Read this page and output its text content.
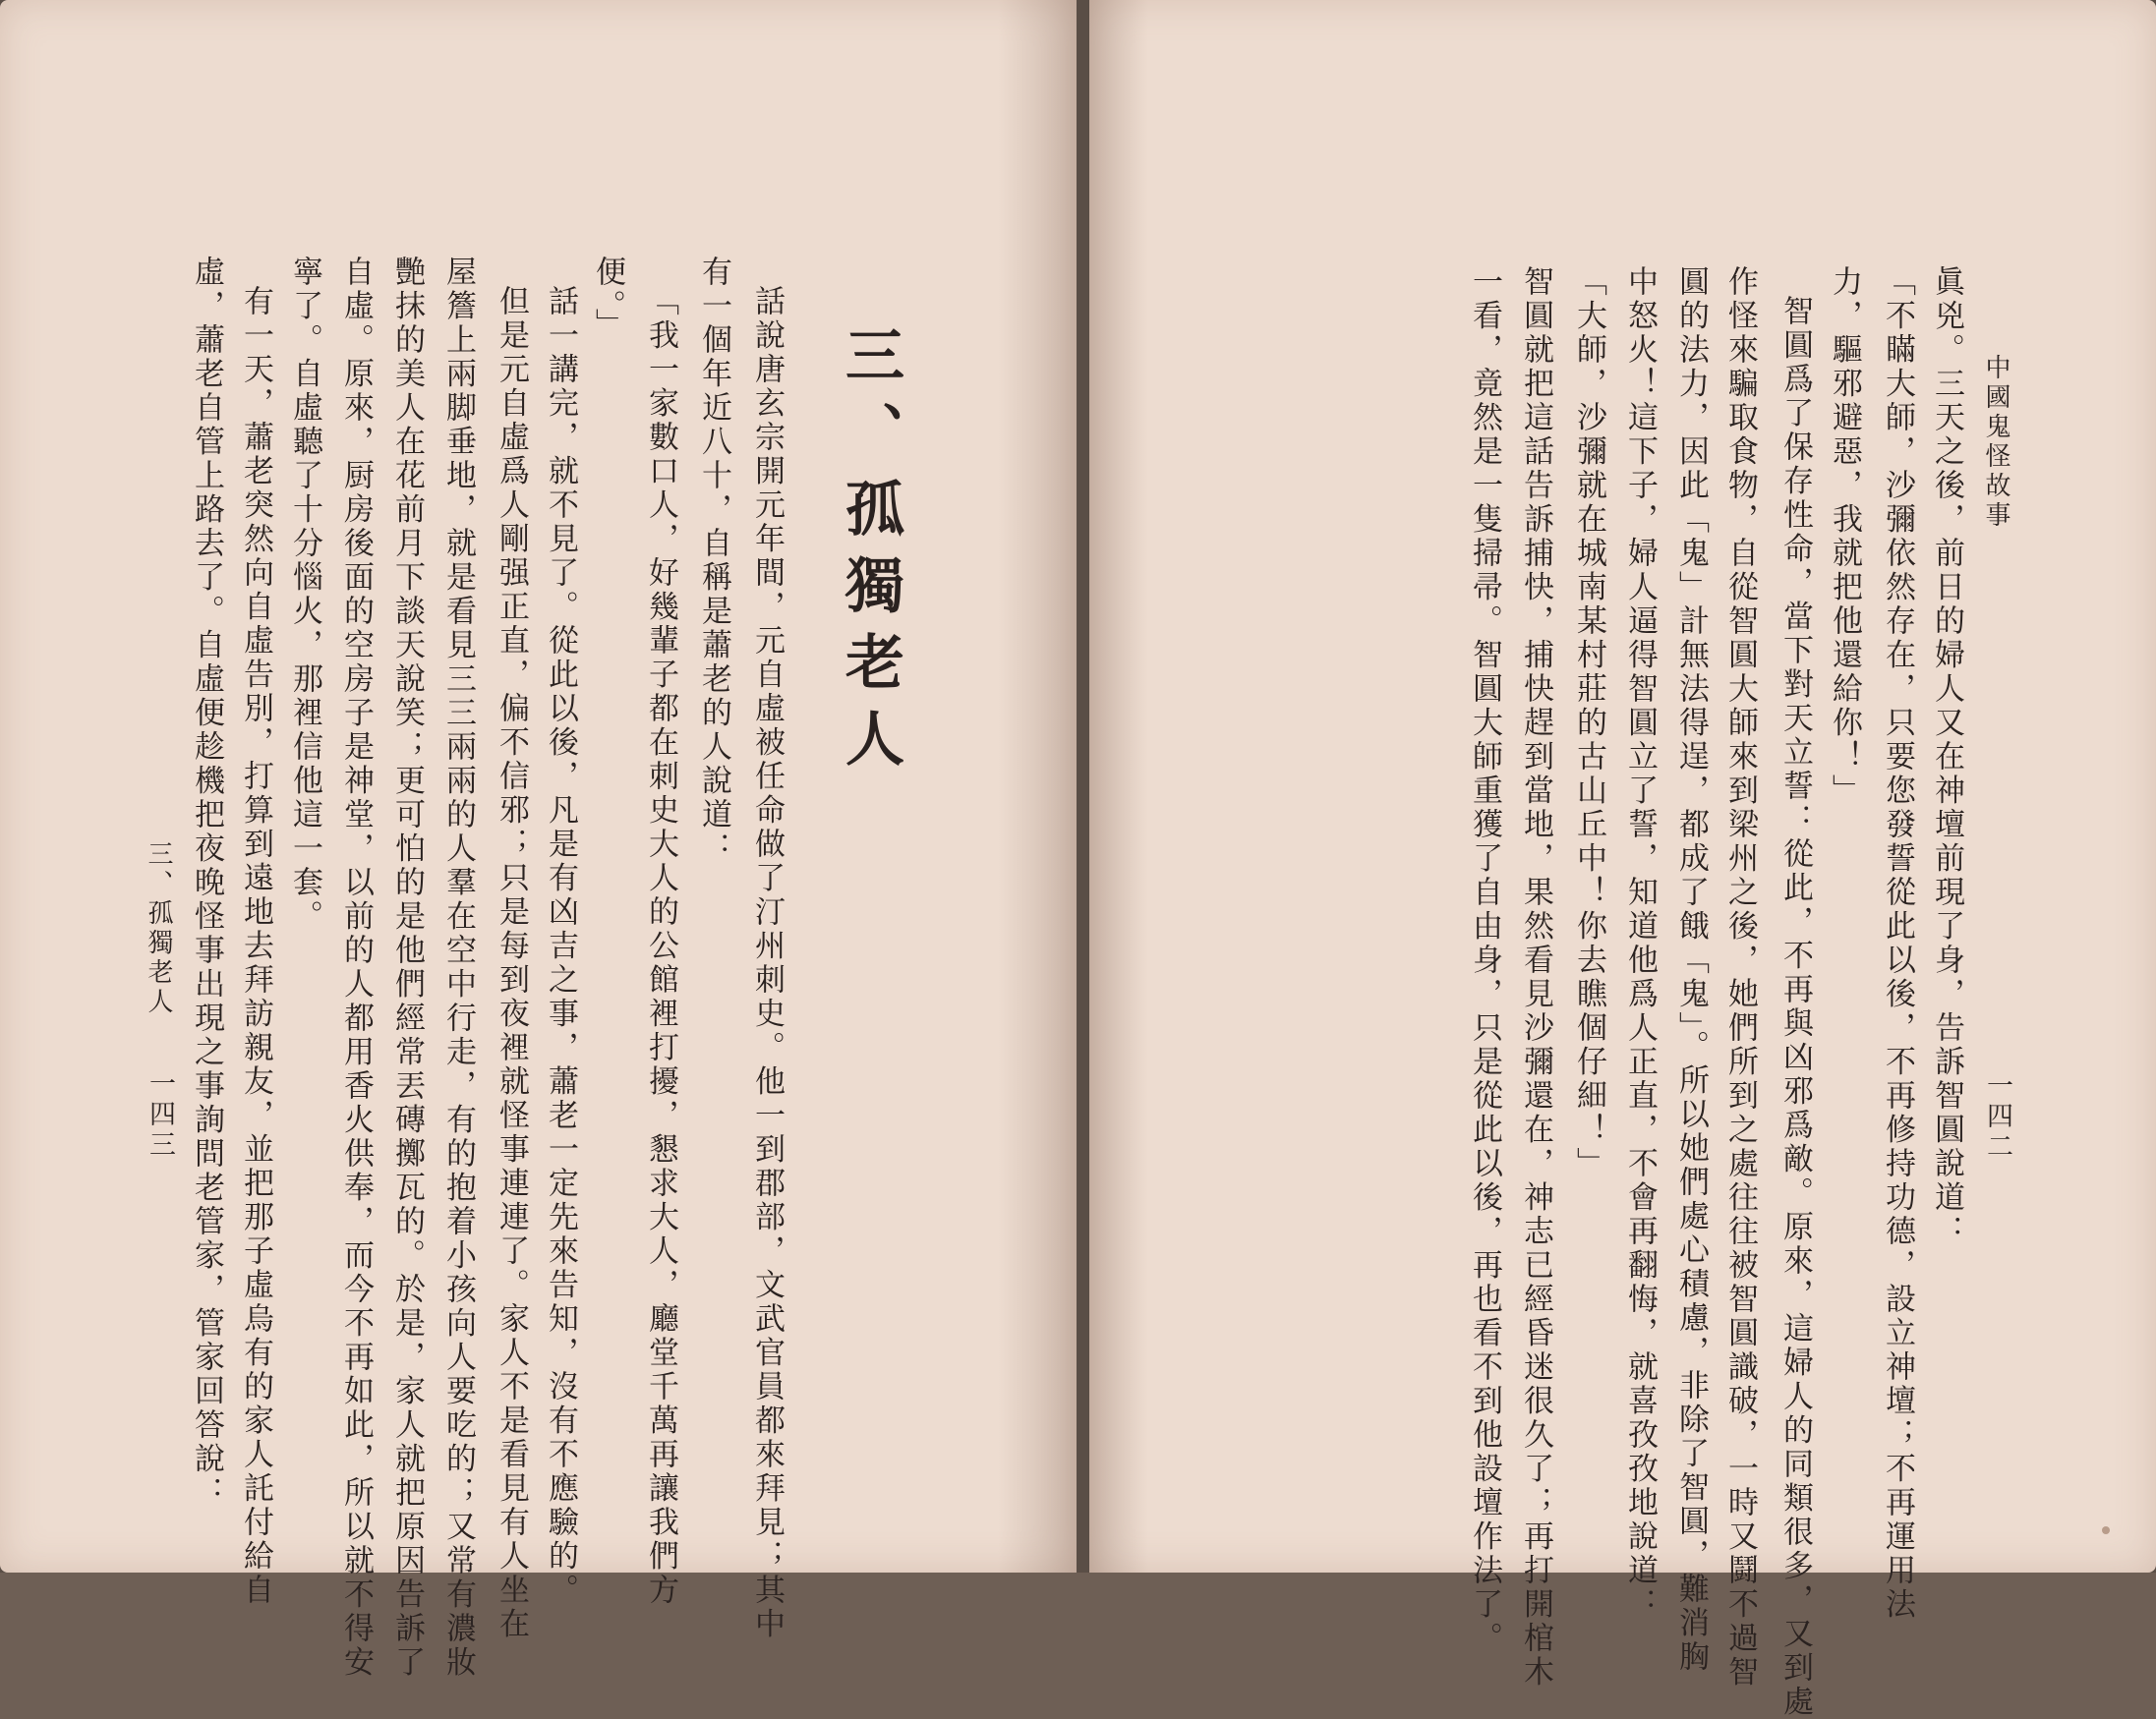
三、孤獨老人
話說唐玄宗開元年間，元自虛被任命做了汀州刺史。他一到郡部，文武官員都來拜見；其中
有一個年近八十，自稱是蕭老的人說道：
「我一家數口人，好幾輩子都在刺史大人的公館裡打擾，懇求大人，廳堂千萬再讓我們方
便。」
話一講完，就不見了。從此以後，凡是有凶吉之事，蕭老一定先來告知，沒有不應驗的。
但是元自虛爲人剛强正直，偏不信邪；只是每到夜裡就怪事連連了。家人不是看見有人坐在
屋簷上兩脚垂地，就是看見三三兩兩的人羣在空中行走，有的抱着小孩向人要吃的；又常有濃妝
艷抹的美人在花前月下談天說笑；更可怕的是他們經常丟磚擲瓦的。於是，家人就把原因告訴了
自虛。原來，厨房後面的空房子是神堂，以前的人都用香火供奉，而今不再如此，所以就不得安
寧了。自虛聽了十分惱火，那裡信他這一套。
有一天，蕭老突然向自虛告別，打算到遠地去拜訪親友，並把那子虛烏有的家人託付給自
虛，蕭老自管上路去了。自虛便趁機把夜晚怪事出現之事詢問老管家，管家回答說：
三、孤獨老人
一四三
中國鬼怪故事
一四二
眞兇。三天之後，前日的婦人又在神壇前現了身，告訴智圓說道：
「不瞞大師，沙彌依然存在，只要您發誓從此以後，不再修持功德，設立神壇；不再運用法
力，驅邪避惡，我就把他還給你！」
智圓爲了保存性命，當下對天立誓：從此，不再與凶邪爲敵。原來，這婦人的同類很多，又到處
作怪來騙取食物，自從智圓大師來到梁州之後，她們所到之處往往被智圓識破，一時又鬪不過智
圓的法力，因此「鬼」計無法得逞，都成了餓「鬼」。所以她們處心積慮，非除了智圓，難消胸
中怒火！這下子，婦人逼得智圓立了誓，知道他爲人正直，不會再翻悔，就喜孜孜地說道：
「大師，沙彌就在城南某村莊的古山丘中！你去瞧個仔細！」
智圓就把這話告訴捕快，捕快趕到當地，果然看見沙彌還在，神志已經昏迷很久了；再打開棺木
一看，竟然是一隻掃帚。智圓大師重獲了自由身，只是從此以後，再也看不到他設壇作法了。
